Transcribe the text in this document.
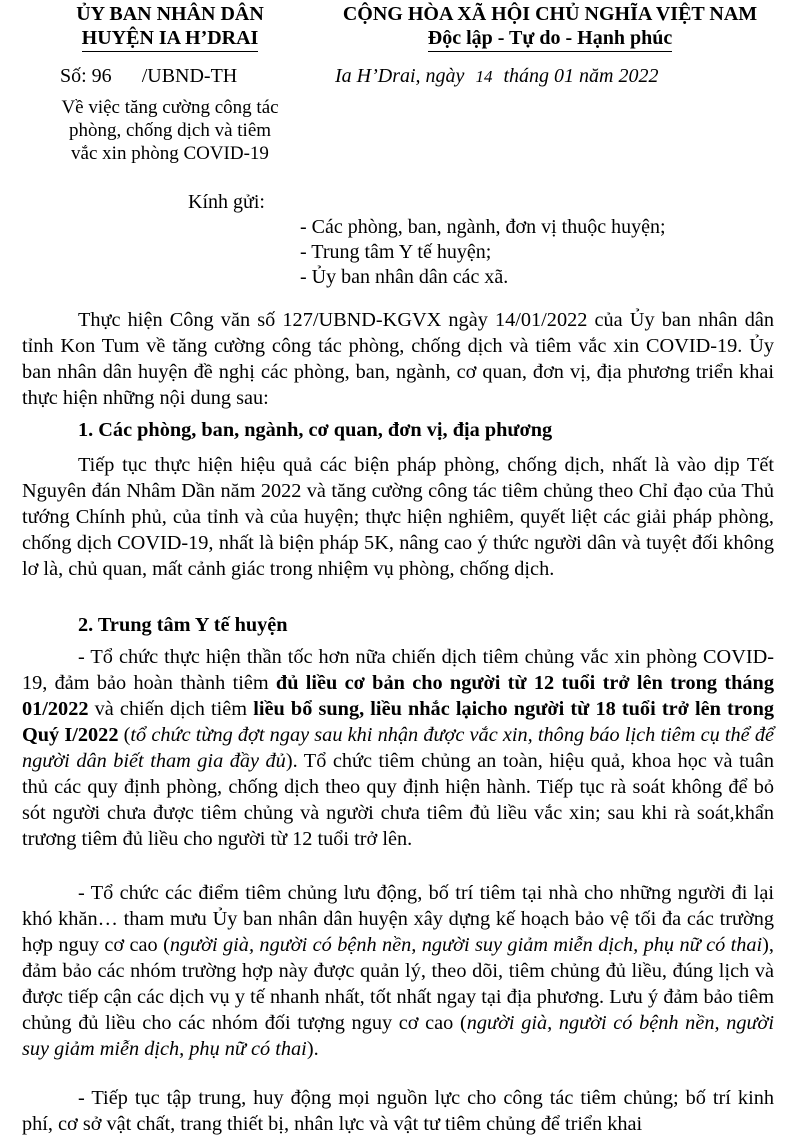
ỦY BAN NHÂN DÂN
HUYỆN IA H’DRAI
Số: 96 /UBND-TH
Về việc tăng cường công tác
phòng, chống dịch và tiêm
vắc xin phòng COVID-19
CỘNG HÒA XÃ HỘI CHỦ NGHĨA VIỆT NAM
Độc lập - Tự do - Hạnh phúc
Ia H’Drai, ngày 14 tháng 01 năm 2022
Kính gửi:
- Các phòng, ban, ngành, đơn vị thuộc huyện;
- Trung tâm Y tế huyện;
- Ủy ban nhân dân các xã.

Thực hiện Công văn số 127/UBND-KGVX ngày 14/01/2022 của Ủy ban nhân dân tỉnh Kon Tum về tăng cường công tác phòng, chống dịch và tiêm vắc xin COVID-19. Ủy ban nhân dân huyện đề nghị các phòng, ban, ngành, cơ quan, đơn vị, địa phương triển khai thực hiện những nội dung sau:

1. Các phòng, ban, ngành, cơ quan, đơn vị, địa phương

Tiếp tục thực hiện hiệu quả các biện pháp phòng, chống dịch, nhất là vào dịp Tết Nguyên đán Nhâm Dần năm 2022 và tăng cường công tác tiêm chủng theo Chỉ đạo của Thủ tướng Chính phủ, của tỉnh và của huyện; thực hiện nghiêm, quyết liệt các giải pháp phòng, chống dịch COVID-19, nhất là biện pháp 5K, nâng cao ý thức người dân và tuyệt đối không lơ là, chủ quan, mất cảnh giác trong nhiệm vụ phòng, chống dịch.

2. Trung tâm Y tế huyện

- Tổ chức thực hiện thần tốc hơn nữa chiến dịch tiêm chủng vắc xin phòng COVID-19, đảm bảo hoàn thành tiêm đủ liều cơ bản cho người từ 12 tuổi trở lên trong tháng 01/2022 và chiến dịch tiêm liều bổ sung, liều nhắc lạicho người từ 18 tuổi trở lên trong Quý I/2022 (tổ chức từng đợt ngay sau khi nhận được vắc xin, thông báo lịch tiêm cụ thể để người dân biết tham gia đầy đủ). Tổ chức tiêm chủng an toàn, hiệu quả, khoa học và tuân thủ các quy định phòng, chống dịch theo quy định hiện hành. Tiếp tục rà soát không để bỏ sót người chưa được tiêm chủng và người chưa tiêm đủ liều vắc xin; sau khi rà soát,khẩn trương tiêm đủ liều cho người từ 12 tuổi trở lên.

- Tổ chức các điểm tiêm chủng lưu động, bố trí tiêm tại nhà cho những người đi lại khó khăn… tham mưu Ủy ban nhân dân huyện xây dựng kế hoạch bảo vệ tối đa các trường hợp nguy cơ cao (người già, người có bệnh nền, người suy giảm miễn dịch, phụ nữ có thai), đảm bảo các nhóm trường hợp này được quản lý, theo dõi, tiêm chủng đủ liều, đúng lịch và được tiếp cận các dịch vụ y tế nhanh nhất, tốt nhất ngay tại địa phương. Lưu ý đảm bảo tiêm chủng đủ liều cho các nhóm đối tượng nguy cơ cao (người già, người có bệnh nền, người suy giảm miễn dịch, phụ nữ có thai).

- Tiếp tục tập trung, huy động mọi nguồn lực cho công tác tiêm chủng; bố trí kinh phí, cơ sở vật chất, trang thiết bị, nhân lực và vật tư tiêm chủng để triển khai
